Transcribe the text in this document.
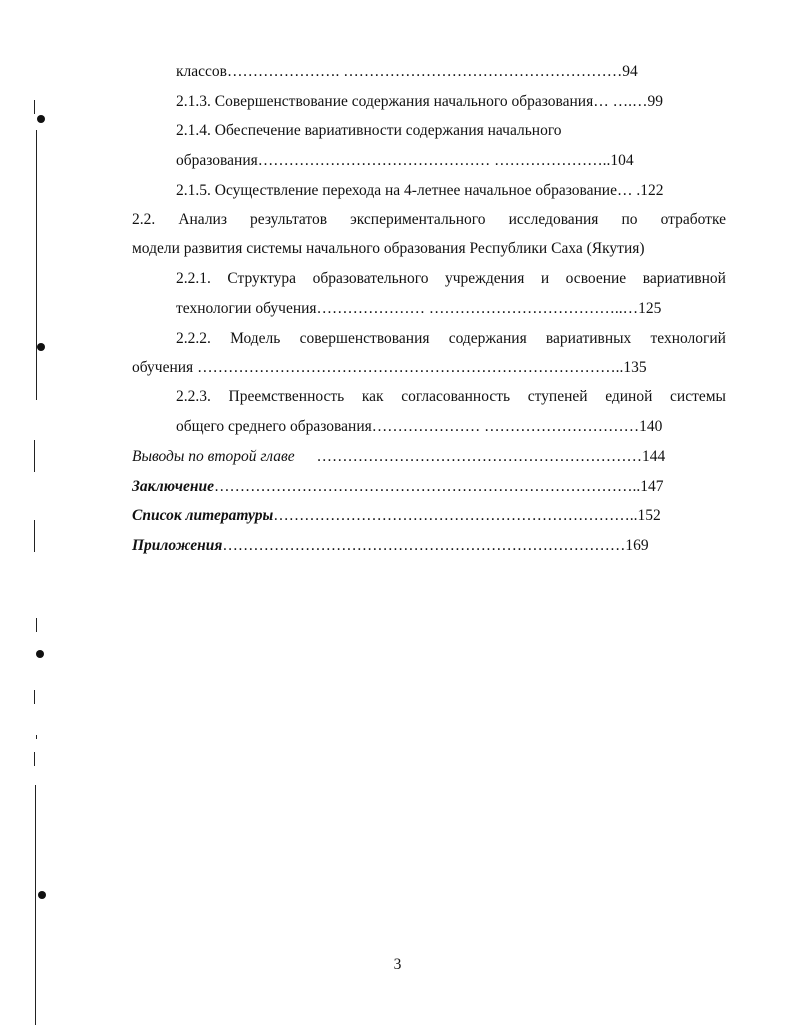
классов…………………. ………………………………………………94
2.1.3. Совершенствование содержания начального образования… ….…99
2.1.4. Обеспечение вариативности содержания начального
образования……………………………………… …………………..104
2.1.5. Осуществление перехода на 4-летнее начальное образование… .122
2.2. Анализ результатов экспериментального исследования по отработке
модели развития системы начального образования Республики Саха (Якутия)
2.2.1. Структура образовательного учреждения и освоение вариативной
технологии обучения………………… ………………………………..…125
2.2.2. Модель совершенствования содержания вариативных технологий
обучения ………………………………………………………………………..135
2.2.3. Преемственность как согласованность ступеней единой системы
общего среднего образования………………… …………………………140
Выводы по второй главе ………………………………………………………144
Заключение………………………………………………………………………..147
Список литературы……………………………………………………………..152
Приложения……………………………………………………………………169
3
